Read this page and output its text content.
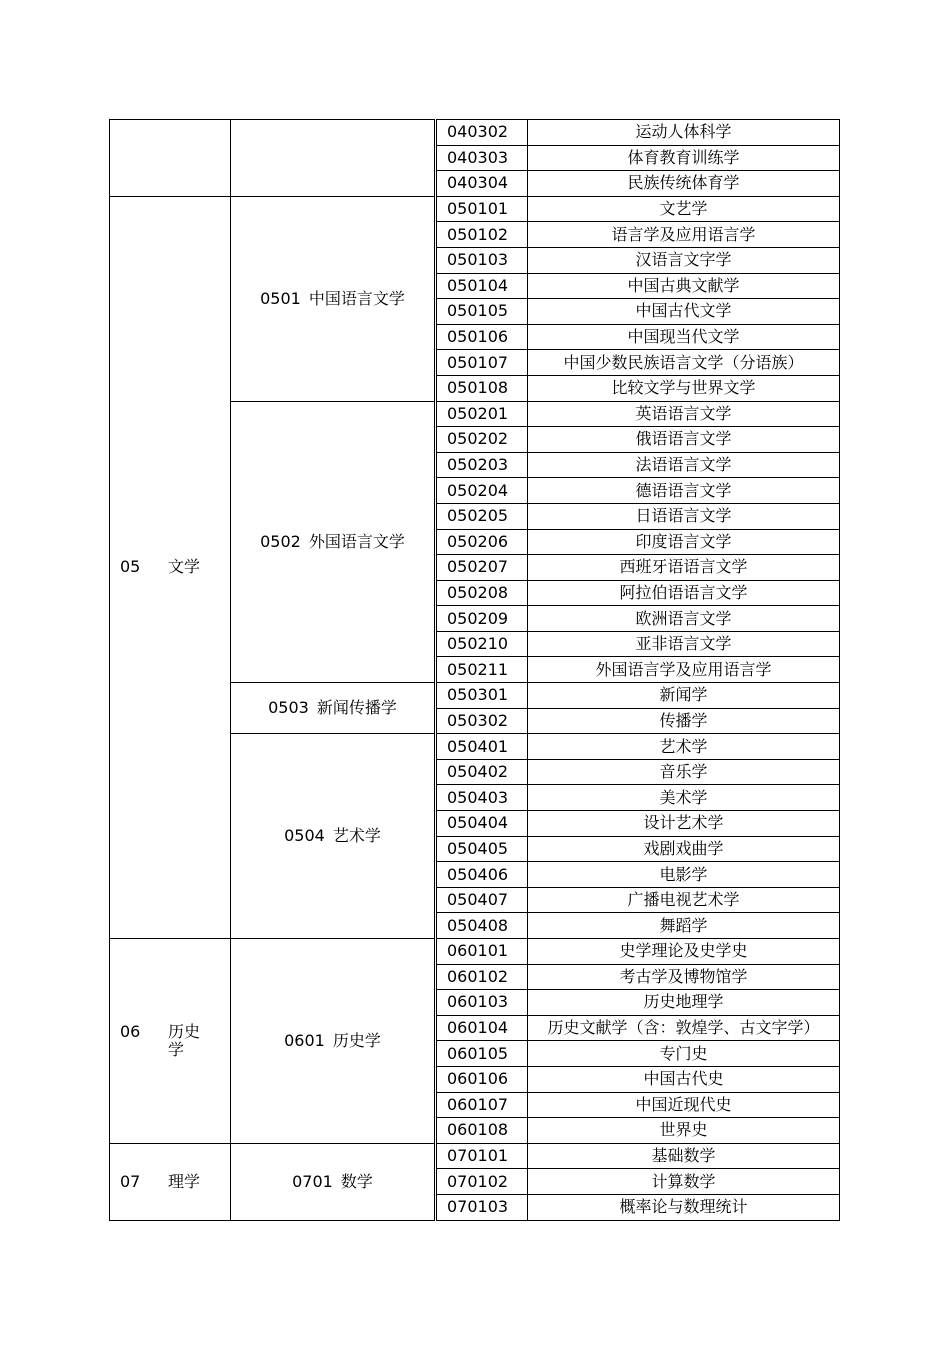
		040302	运动人体科学
		040303	体育教育训练学
		040304	民族传统体育学

05 文学	0501 中国语言文学	050101	文艺学
		050102	语言学及应用语言学
		050103	汉语言文字学
		050104	中国古典文献学
		050105	中国古代文学
		050106	中国现当代文学
		050107	中国少数民族语言文学（分语族）
		050108	比较文学与世界文学
	0502 外国语言文学	050201	英语语言文学
		050202	俄语语言文学
		050203	法语语言文学
		050204	德语语言文学
		050205	日语语言文学
		050206	印度语言文学
		050207	西班牙语语言文学
		050208	阿拉伯语语言文学
		050209	欧洲语言文学
		050210	亚非语言文学
		050211	外国语言学及应用语言学
	0503 新闻传播学	050301	新闻学
		050302	传播学
	0504 艺术学	050401	艺术学
		050402	音乐学
		050403	美术学
		050404	设计艺术学
		050405	戏剧戏曲学
		050406	电影学
		050407	广播电视艺术学
		050408	舞蹈学

06 历史学	0601 历史学	060101	史学理论及史学史
		060102	考古学及博物馆学
		060103	历史地理学
		060104	历史文献学（含：敦煌学、古文字学）
		060105	专门史
		060106	中国古代史
		060107	中国近现代史
		060108	世界史

07 理学	0701 数学	070101	基础数学
		070102	计算数学
		070103	概率论与数理统计
